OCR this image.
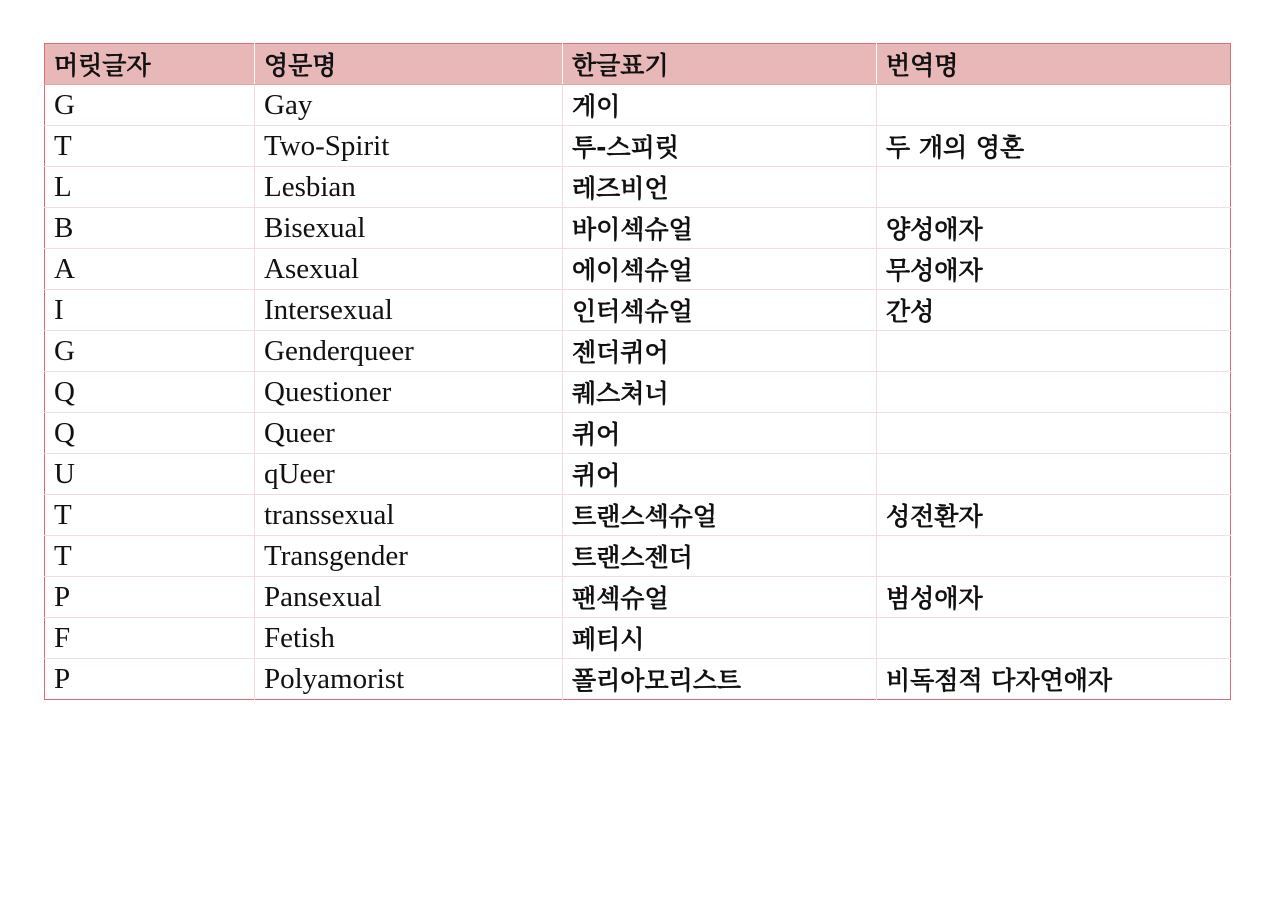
머릿글자	영문명	한글표기	번역명
G	Gay	게이	
T	Two-Spirit	투-스피릿	두 개의 영혼
L	Lesbian	레즈비언	
B	Bisexual	바이섹슈얼	양성애자
A	Asexual	에이섹슈얼	무성애자
I	Intersexual	인터섹슈얼	간성
G	Genderqueer	젠더퀴어	
Q	Questioner	퀘스쳐너	
Q	Queer	퀴어	
U	qUeer	퀴어	
T	transsexual	트랜스섹슈얼	성전환자
T	Transgender	트랜스젠더	
P	Pansexual	팬섹슈얼	범성애자
F	Fetish	페티시	
P	Polyamorist	폴리아모리스트	비독점적 다자연애자
